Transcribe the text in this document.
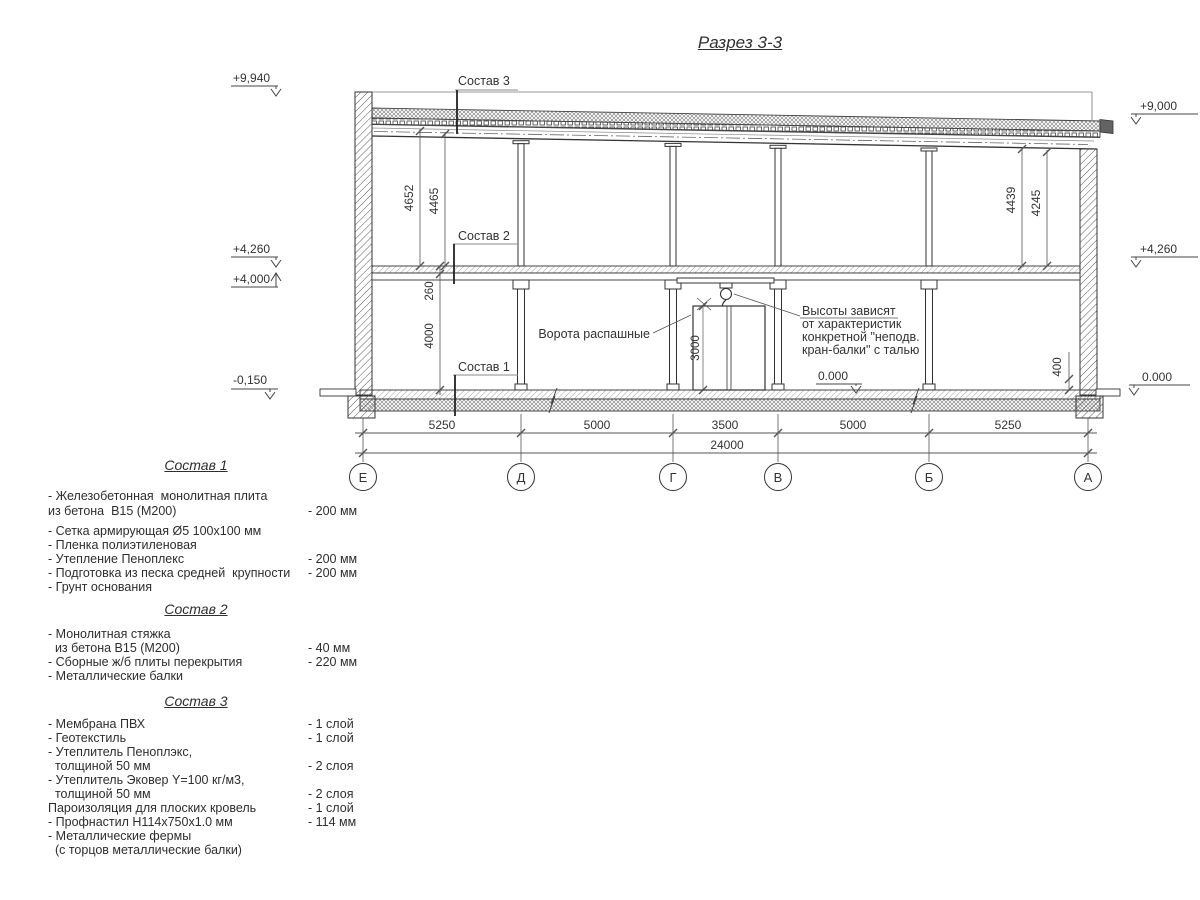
Разрез 3-3
3000
Состав 3
Состав 2
Состав 1
Ворота распашные
Высоты зависят
от характеристик
конкретной "неподв.
кран-балки" с талью
+9,940
+4,260
+4,000
-0,150
+9,000
+4,260
0.000
0.000
4652 4465	4439 4245
260
4000
400
5250	5000	3500	5000	5250
24000
Е	Д	Г	В	Б	А
Состав 1
- Железобетонная  монолитная плита
из бетона  В15 (М200)	- 200 мм
- Сетка армирующая Ø5 100х100 мм
- Пленка полиэтиленовая
- Утепление Пеноплекс	- 200 мм
- Подготовка из песка средней  крупности - 200 мм
- Грунт основания
Состав 2
- Монолитная стяжка
из бетона В15 (М200)	- 40 мм
- Сборные ж/б плиты перекрытия	- 220 мм
- Металлические балки
Состав 3
- Мембрана ПВХ	- 1 слой
- Геотекстиль	- 1 слой
- Утеплитель Пеноплэкс,
толщиной 50 мм	- 2 слоя
- Утеплитель Эковер Y=100 кг/м3,
толщиной 50 мм	- 2 слоя
Пароизоляция для плоских кровель	- 1 слой
- Профнастил Н114х750х1.0 мм	- 114 мм
- Металлические фермы
(с торцов металлические балки)
